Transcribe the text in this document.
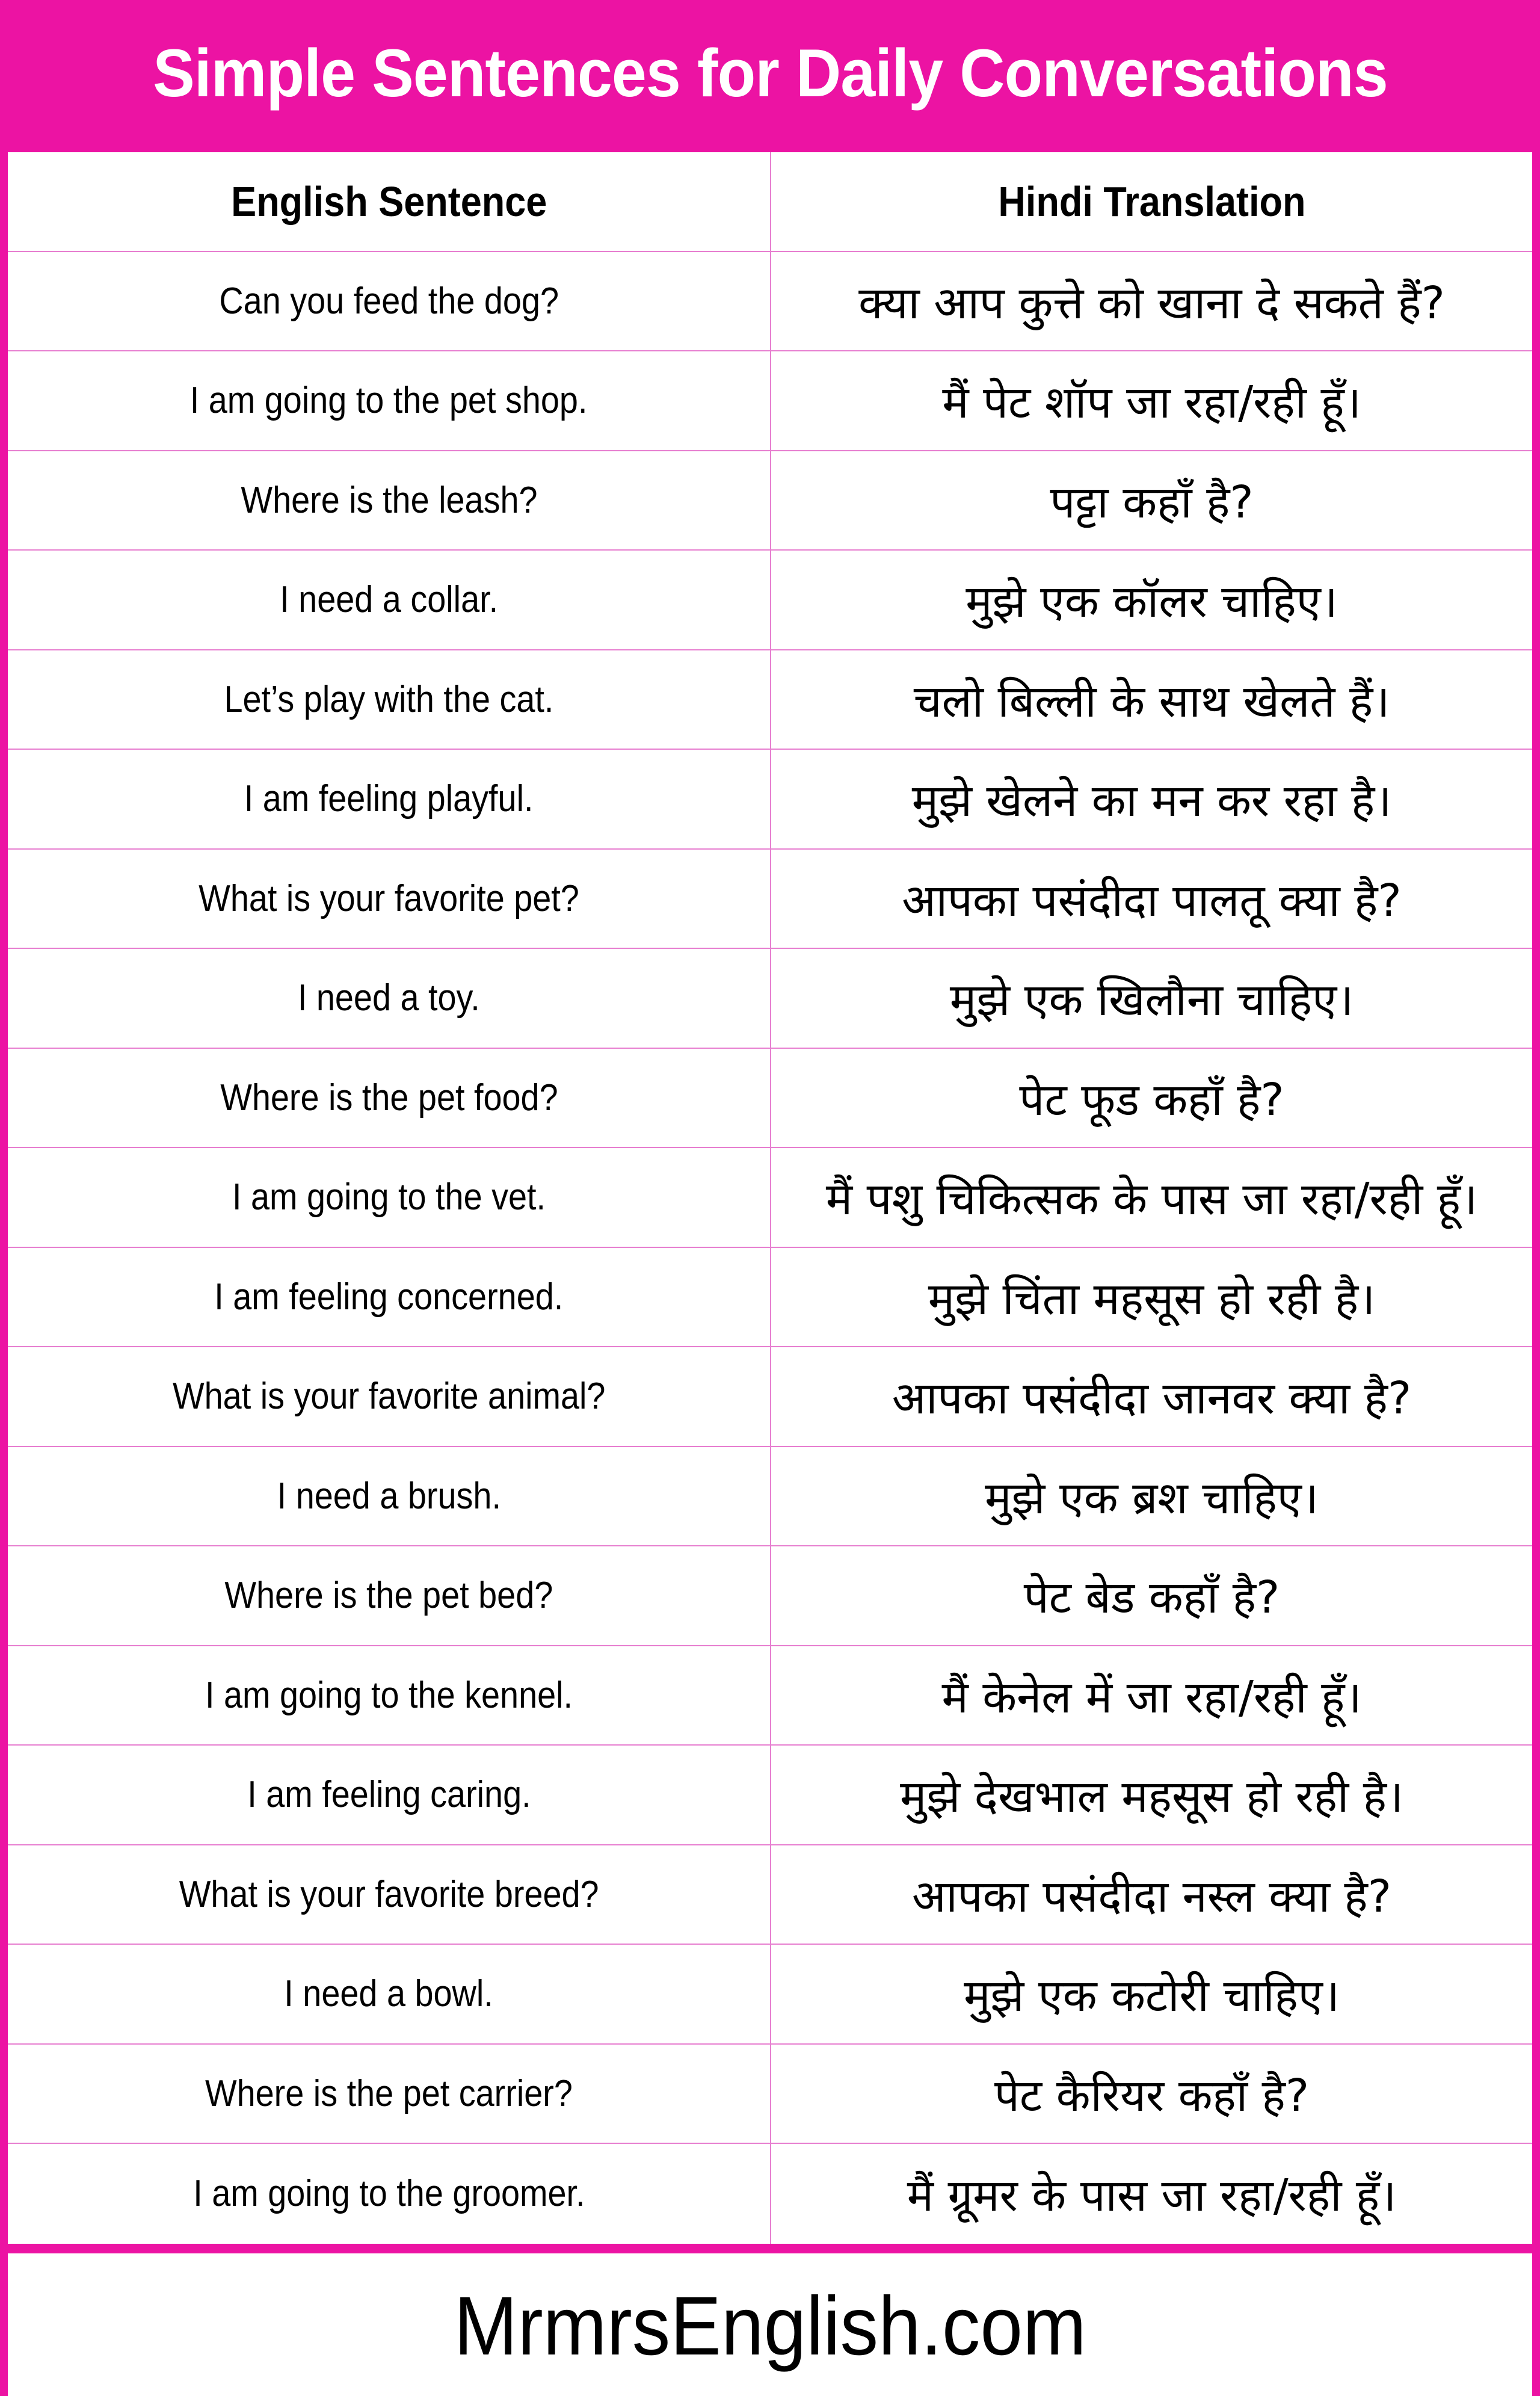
Simple Sentences for Daily Conversations
English Sentence	Hindi Translation
Can you feed the dog?	क्या आप कुत्ते को खाना दे सकते हैं?
I am going to the pet shop.	मैं पेट शॉप जा रहा/रही हूँ।
Where is the leash?	पट्टा कहाँ है?
I need a collar.	मुझे एक कॉलर चाहिए।
Let’s play with the cat.	चलो बिल्ली के साथ खेलते हैं।
I am feeling playful.	मुझे खेलने का मन कर रहा है।
What is your favorite pet?	आपका पसंदीदा पालतू क्या है?
I need a toy.	मुझे एक खिलौना चाहिए।
Where is the pet food?	पेट फूड कहाँ है?
I am going to the vet.	मैं पशु चिकित्सक के पास जा रहा/रही हूँ।
I am feeling concerned.	मुझे चिंता महसूस हो रही है।
What is your favorite animal?	आपका पसंदीदा जानवर क्या है?
I need a brush.	मुझे एक ब्रश चाहिए।
Where is the pet bed?	पेट बेड कहाँ है?
I am going to the kennel.	मैं केनेल में जा रहा/रही हूँ।
I am feeling caring.	मुझे देखभाल महसूस हो रही है।
What is your favorite breed?	आपका पसंदीदा नस्ल क्या है?
I need a bowl.	मुझे एक कटोरी चाहिए।
Where is the pet carrier?	पेट कैरियर कहाँ है?
I am going to the groomer.	मैं ग्रूमर के पास जा रहा/रही हूँ।
MrmrsEnglish.com
